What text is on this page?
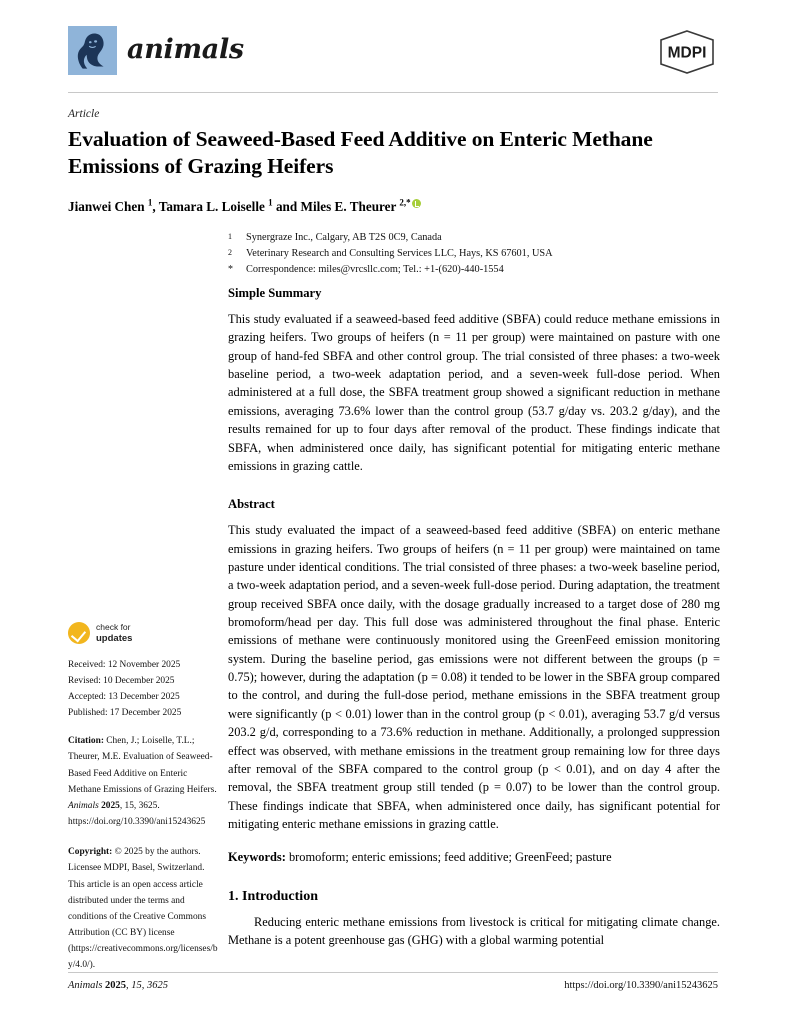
animals	MDPI
Article
Evaluation of Seaweed-Based Feed Additive on Enteric Methane Emissions of Grazing Heifers
Jianwei Chen $^1$, Tamara L. Loiselle $^1$ and Miles E. Theurer $^{2,*}$
1	Synergraze Inc., Calgary, AB T2S 0C9, Canada
2	Veterinary Research and Consulting Services LLC, Hays, KS 67601, USA
*	Correspondence: miles@vrcsllc.com; Tel.: +1-(620)-440-1554
Simple Summary

This study evaluated if a seaweed-based feed additive (SBFA) could reduce methane emissions in grazing heifers. Two groups of heifers (n = 11 per group) were maintained on pasture with one group of hand-fed SBFA and other control group. The trial consisted of three phases: a two-week baseline period, a two-week adaptation period, and a seven-week full-dose period. When administered at a full dose, the SBFA treatment group showed a significant reduction in methane emissions, averaging 73.6% lower than the control group (53.7 g/day vs. 203.2 g/day), and the results remained for up to four days after removal of the product. These findings indicate that SBFA, when administered once daily, has significant potential for mitigating enteric methane emissions in grazing cattle.

Abstract

This study evaluated the impact of a seaweed-based feed additive (SBFA) on enteric methane emissions in grazing heifers. Two groups of heifers (n = 11 per group) were maintained on tame pasture under identical conditions. The trial consisted of three phases: a two-week baseline period, a two-week adaptation period, and a seven-week full-dose period. During adaptation, the treatment group received SBFA once daily, with the dosage gradually increased to a target dose of 280 mg bromoform/head per day. This full dose was administered throughout the final phase. Enteric emissions of methane were continuously monitored using the GreenFeed emission monitoring system. During the baseline period, gas emissions were not different between the groups (p = 0.75); however, during the adaptation (p = 0.08) it tended to be lower in the SBFA group compared to the control, and during the full-dose period, methane emissions in the SBFA treatment group were significantly (p < 0.01) lower than in the control group (p < 0.01), averaging 53.7 g/d versus 203.2 g/d, corresponding to a 73.6% reduction in methane. Additionally, a prolonged suppression effect was observed, with methane emissions in the treatment group remaining low for three days after removal of the SBFA compared to the control group (p < 0.01), and on day 4 after the removal, the SBFA treatment group still tended (p = 0.07) to be lower than the control group. These findings indicate that SBFA, when administered once daily, has significant potential for mitigating enteric methane emissions in grazing cattle.

Keywords: bromoform; enteric emissions; feed additive; GreenFeed; pasture
1. Introduction

Reducing enteric methane emissions from livestock is critical for mitigating climate change. Methane is a potent greenhouse gas (GHG) with a global warming potential

check for
updates
Received: 12 November 2025
Revised: 10 December 2025
Accepted: 13 December 2025
Published: 17 December 2025
Citation: Chen, J.; Loiselle, T.L.; Theurer, M.E. Evaluation of Seaweed-Based Feed Additive on Enteric Methane Emissions of Grazing Heifers. Animals 2025, 15, 3625. https://doi.org/10.3390/ani15243625
Copyright: © 2025 by the authors. Licensee MDPI, Basel, Switzerland. This article is an open access article distributed under the terms and conditions of the Creative Commons Attribution (CC BY) license (https://creativecommons.org/licenses/by/4.0/).
Animals 2025, 15, 3625	https://doi.org/10.3390/ani15243625
